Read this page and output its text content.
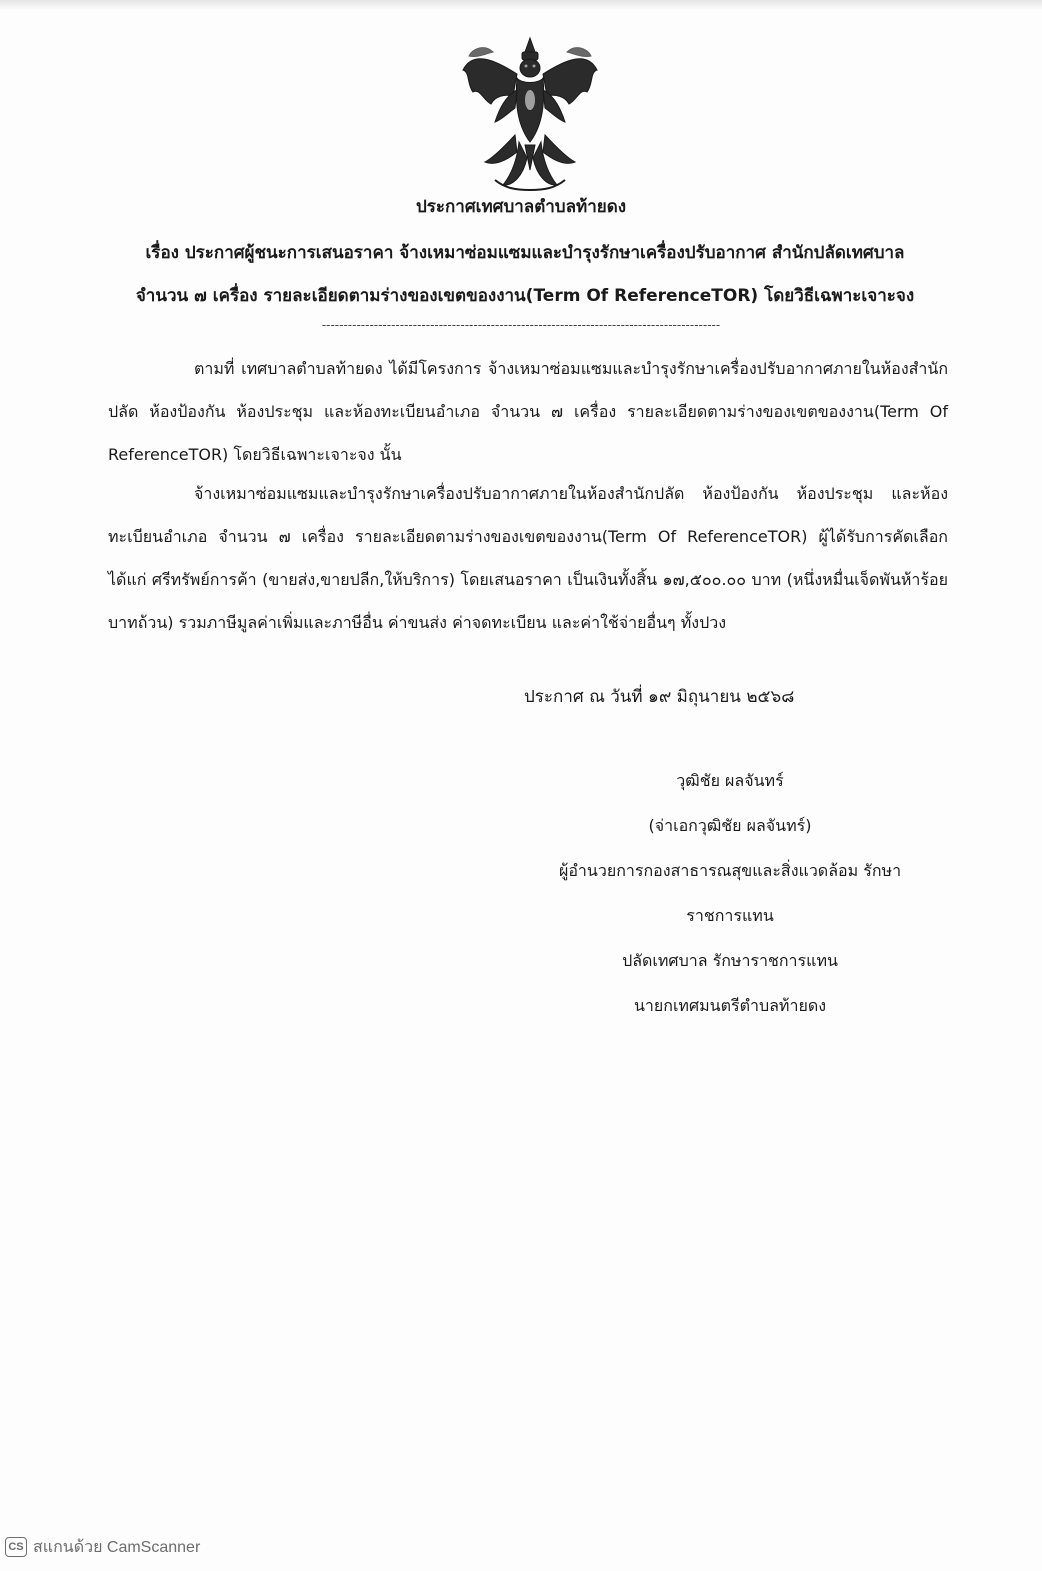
ประกาศเทศบาลตำบลท้ายดง
เรื่อง ประกาศผู้ชนะการเสนอราคา จ้างเหมาซ่อมแซมและบำรุงรักษาเครื่องปรับอากาศ สำนักปลัดเทศบาล
จำนวน ๗ เครื่อง รายละเอียดตามร่างของเขตของงาน(Term Of ReferenceTOR) โดยวิธีเฉพาะเจาะจง
--------------------------------------------------------------------------------------------
ตามที่ เทศบาลตำบลท้ายดง ได้มีโครงการ จ้างเหมาซ่อมแซมและบำรุงรักษาเครื่องปรับอากาศภายในห้องสำนักปลัด ห้องป้องกัน ห้องประชุม และห้องทะเบียนอำเภอ จำนวน ๗ เครื่อง รายละเอียดตามร่างของเขตของงาน(Term Of ReferenceTOR) โดยวิธีเฉพาะเจาะจง นั้น
จ้างเหมาซ่อมแซมและบำรุงรักษาเครื่องปรับอากาศภายในห้องสำนักปลัด ห้องป้องกัน ห้องประชุม และห้องทะเบียนอำเภอ จำนวน ๗ เครื่อง รายละเอียดตามร่างของเขตของงาน(Term Of ReferenceTOR) ผู้ได้รับการคัดเลือก ได้แก่ ศรีทรัพย์การค้า (ขายส่ง,ขายปลีก,ให้บริการ) โดยเสนอราคา เป็นเงินทั้งสิ้น ๑๗,๕๐๐.๐๐ บาท (หนึ่งหมื่นเจ็ดพันห้าร้อยบาทถ้วน) รวมภาษีมูลค่าเพิ่มและภาษีอื่น ค่าขนส่ง ค่าจดทะเบียน และค่าใช้จ่ายอื่นๆ ทั้งปวง
ประกาศ ณ วันที่ ๑๙ มิถุนายน ๒๕๖๘
วุฒิชัย ผลจันทร์
(จ่าเอกวุฒิชัย ผลจันทร์)
ผู้อำนวยการกองสาธารณสุขและสิ่งแวดล้อม รักษา
ราชการแทน
ปลัดเทศบาล รักษาราชการแทน
นายกเทศมนตรีตำบลท้ายดง
CS สแกนด้วย CamScanner
